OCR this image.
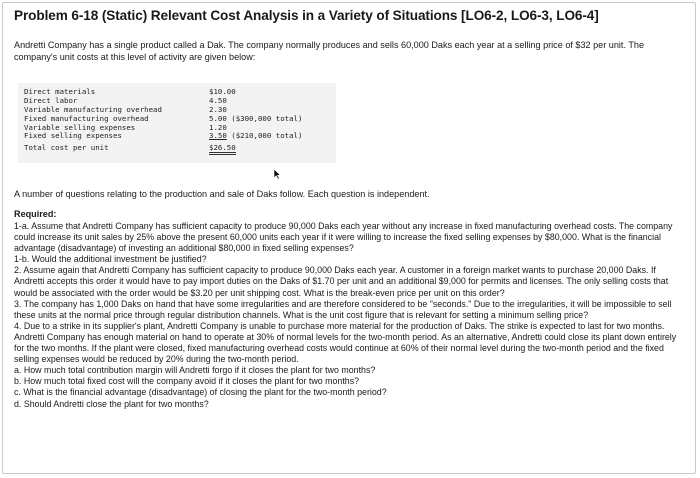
Problem 6-18 (Static) Relevant Cost Analysis in a Variety of Situations [LO6-2, LO6-3, LO6-4]
Andretti Company has a single product called a Dak. The company normally produces and sells 60,000 Daks each year at a selling price of $32 per unit. The company's unit costs at this level of activity are given below:
Direct materials
Direct labor
Variable manufacturing overhead
Fixed manufacturing overhead
Variable selling expenses
Fixed selling expenses
Total cost per unit
$10.00
4.50
2.30
5.00 ($300,000 total)
1.20
3.50 ($210,000 total)
$26.50
A number of questions relating to the production and sale of Daks follow. Each question is independent.
Required:

1-a. Assume that Andretti Company has sufficient capacity to produce 90,000 Daks each year without any increase in fixed manufacturing overhead costs. The company could increase its unit sales by 25% above the present 60,000 units each year if it were willing to increase the fixed selling expenses by $80,000. What is the financial advantage (disadvantage) of investing an additional $80,000 in fixed selling expenses?

1-b. Would the additional investment be justified?

2. Assume again that Andretti Company has sufficient capacity to produce 90,000 Daks each year. A customer in a foreign market wants to purchase 20,000 Daks. If Andretti accepts this order it would have to pay import duties on the Daks of $1.70 per unit and an additional $9,000 for permits and licenses. The only selling costs that would be associated with the order would be $3.20 per unit shipping cost. What is the break-even price per unit on this order?

3. The company has 1,000 Daks on hand that have some irregularities and are therefore considered to be "seconds." Due to the irregularities, it will be impossible to sell these units at the normal price through regular distribution channels. What is the unit cost figure that is relevant for setting a minimum selling price?

4. Due to a strike in its supplier's plant, Andretti Company is unable to purchase more material for the production of Daks. The strike is expected to last for two months. Andretti Company has enough material on hand to operate at 30% of normal levels for the two-month period. As an alternative, Andretti could close its plant down entirely for the two months. If the plant were closed, fixed manufacturing overhead costs would continue at 60% of their normal level during the two-month period and the fixed selling expenses would be reduced by 20% during the two-month period.

a. How much total contribution margin will Andretti forgo if it closes the plant for two months?

b. How much total fixed cost will the company avoid if it closes the plant for two months?

c. What is the financial advantage (disadvantage) of closing the plant for the two-month period?

d. Should Andretti close the plant for two months?
